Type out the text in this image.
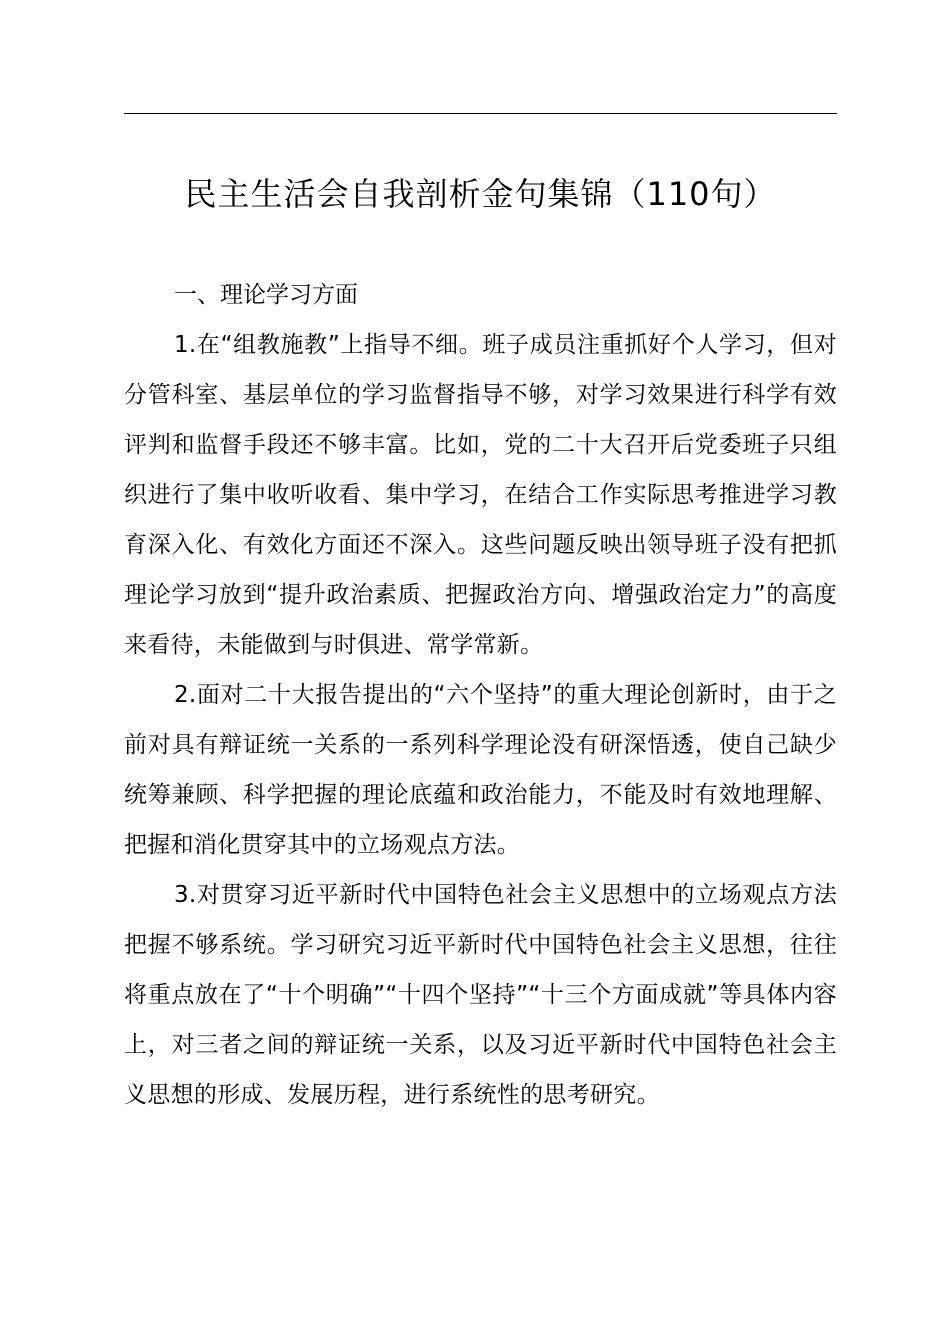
民主生活会自我剖析金句集锦（110句）

一、理论学习方面

1.在“组教施教”上指导不细。班子成员注重抓好个人学习，但对分管科室、基层单位的学习监督指导不够，对学习效果进行科学有效评判和监督手段还不够丰富。比如，党的二十大召开后党委班子只组织进行了集中收听收看、集中学习，在结合工作实际思考推进学习教育深入化、有效化方面还不深入。这些问题反映出领导班子没有把抓理论学习放到“提升政治素质、把握政治方向、增强政治定力”的高度来看待，未能做到与时俱进、常学常新。

2.面对二十大报告提出的“六个坚持”的重大理论创新时，由于之前对具有辩证统一关系的一系列科学理论没有研深悟透，使自己缺少统筹兼顾、科学把握的理论底蕴和政治能力，不能及时有效地理解、把握和消化贯穿其中的立场观点方法。

3.对贯穿习近平新时代中国特色社会主义思想中的立场观点方法把握不够系统。学习研究习近平新时代中国特色社会主义思想，往往将重点放在了“十个明确”“十四个坚持”“十三个方面成就”等具体内容上，对三者之间的辩证统一关系，以及习近平新时代中国特色社会主义思想的形成、发展历程，进行系统性的思考研究。
